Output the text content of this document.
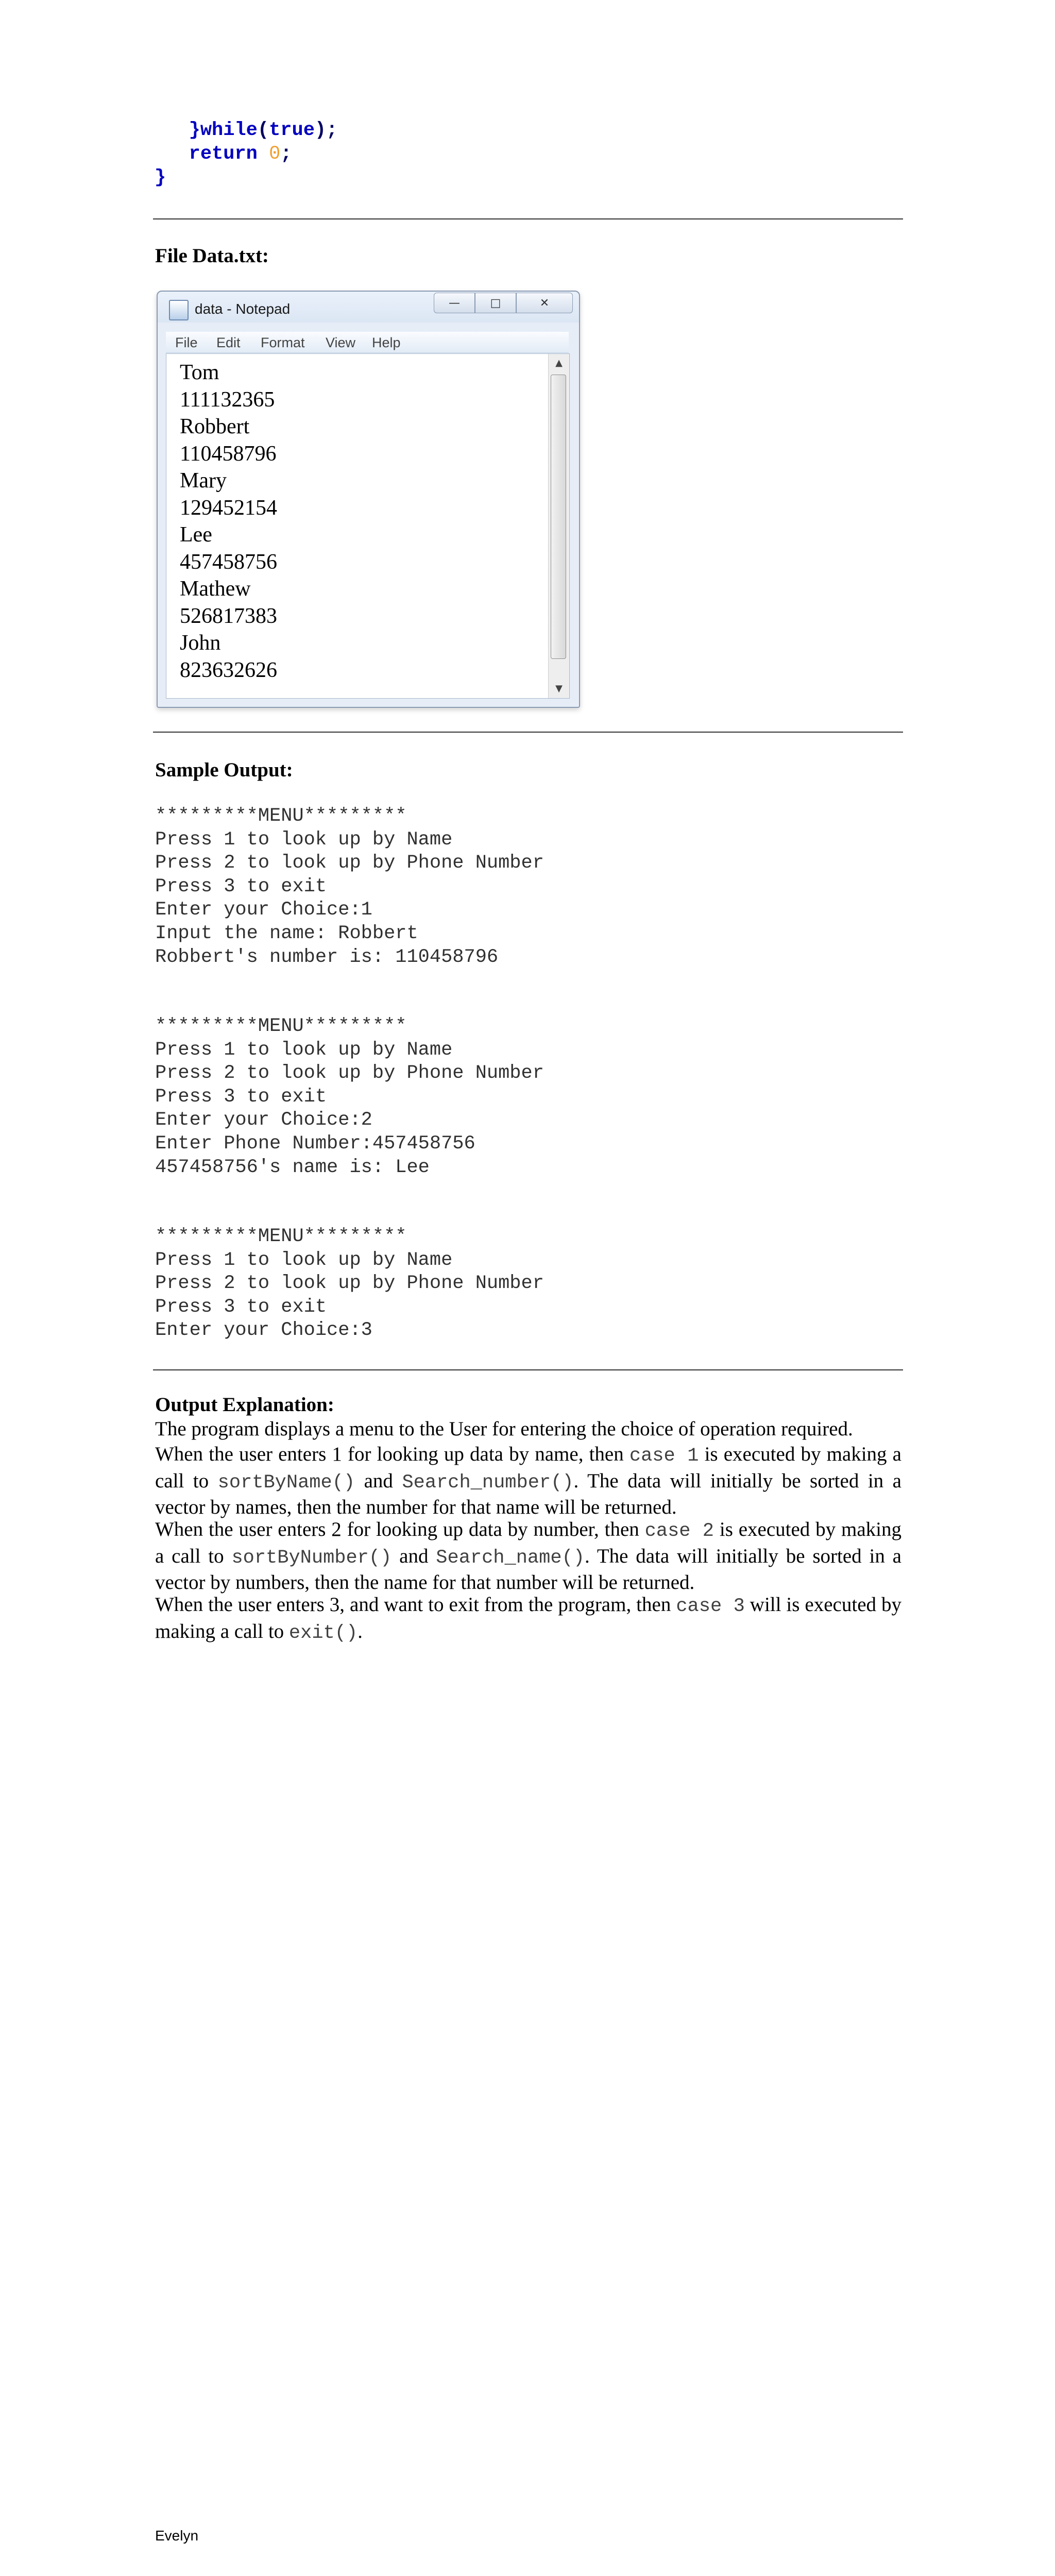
}while(true);
return 0;
}
File Data.txt:
data - Notepad	—	□	✕
File Edit Format View Help
Tom
111132365
Robbert
110458796
Mary
129452154
Lee
457458756
Mathew
526817383
John
823632626
▲
▼
Sample Output:
*********MENU*********
Press 1 to look up by Name
Press 2 to look up by Phone Number
Press 3 to exit
Enter your Choice:1
Input the name: Robbert
Robbert's number is: 110458796
*********MENU*********
Press 1 to look up by Name
Press 2 to look up by Phone Number
Press 3 to exit
Enter your Choice:2
Enter Phone Number:457458756
457458756's name is: Lee
*********MENU*********
Press 1 to look up by Name
Press 2 to look up by Phone Number
Press 3 to exit
Enter your Choice:3
Output Explanation:
The program displays a menu to the User for entering the choice of operation required.
When the user enters 1 for looking up data by name, then case 1 is executed by making a call to sortByName() and Search_number(). The data will initially be sorted in a vector by names, then the number for that name will be returned.
When the user enters 2 for looking up data by number, then case 2 is executed by making a call to sortByNumber() and Search_name(). The data will initially be sorted in a vector by numbers, then the name for that number will be returned.
When the user enters 3, and want to exit from the program, then case 3 will is executed by making a call to exit().
Evelyn
